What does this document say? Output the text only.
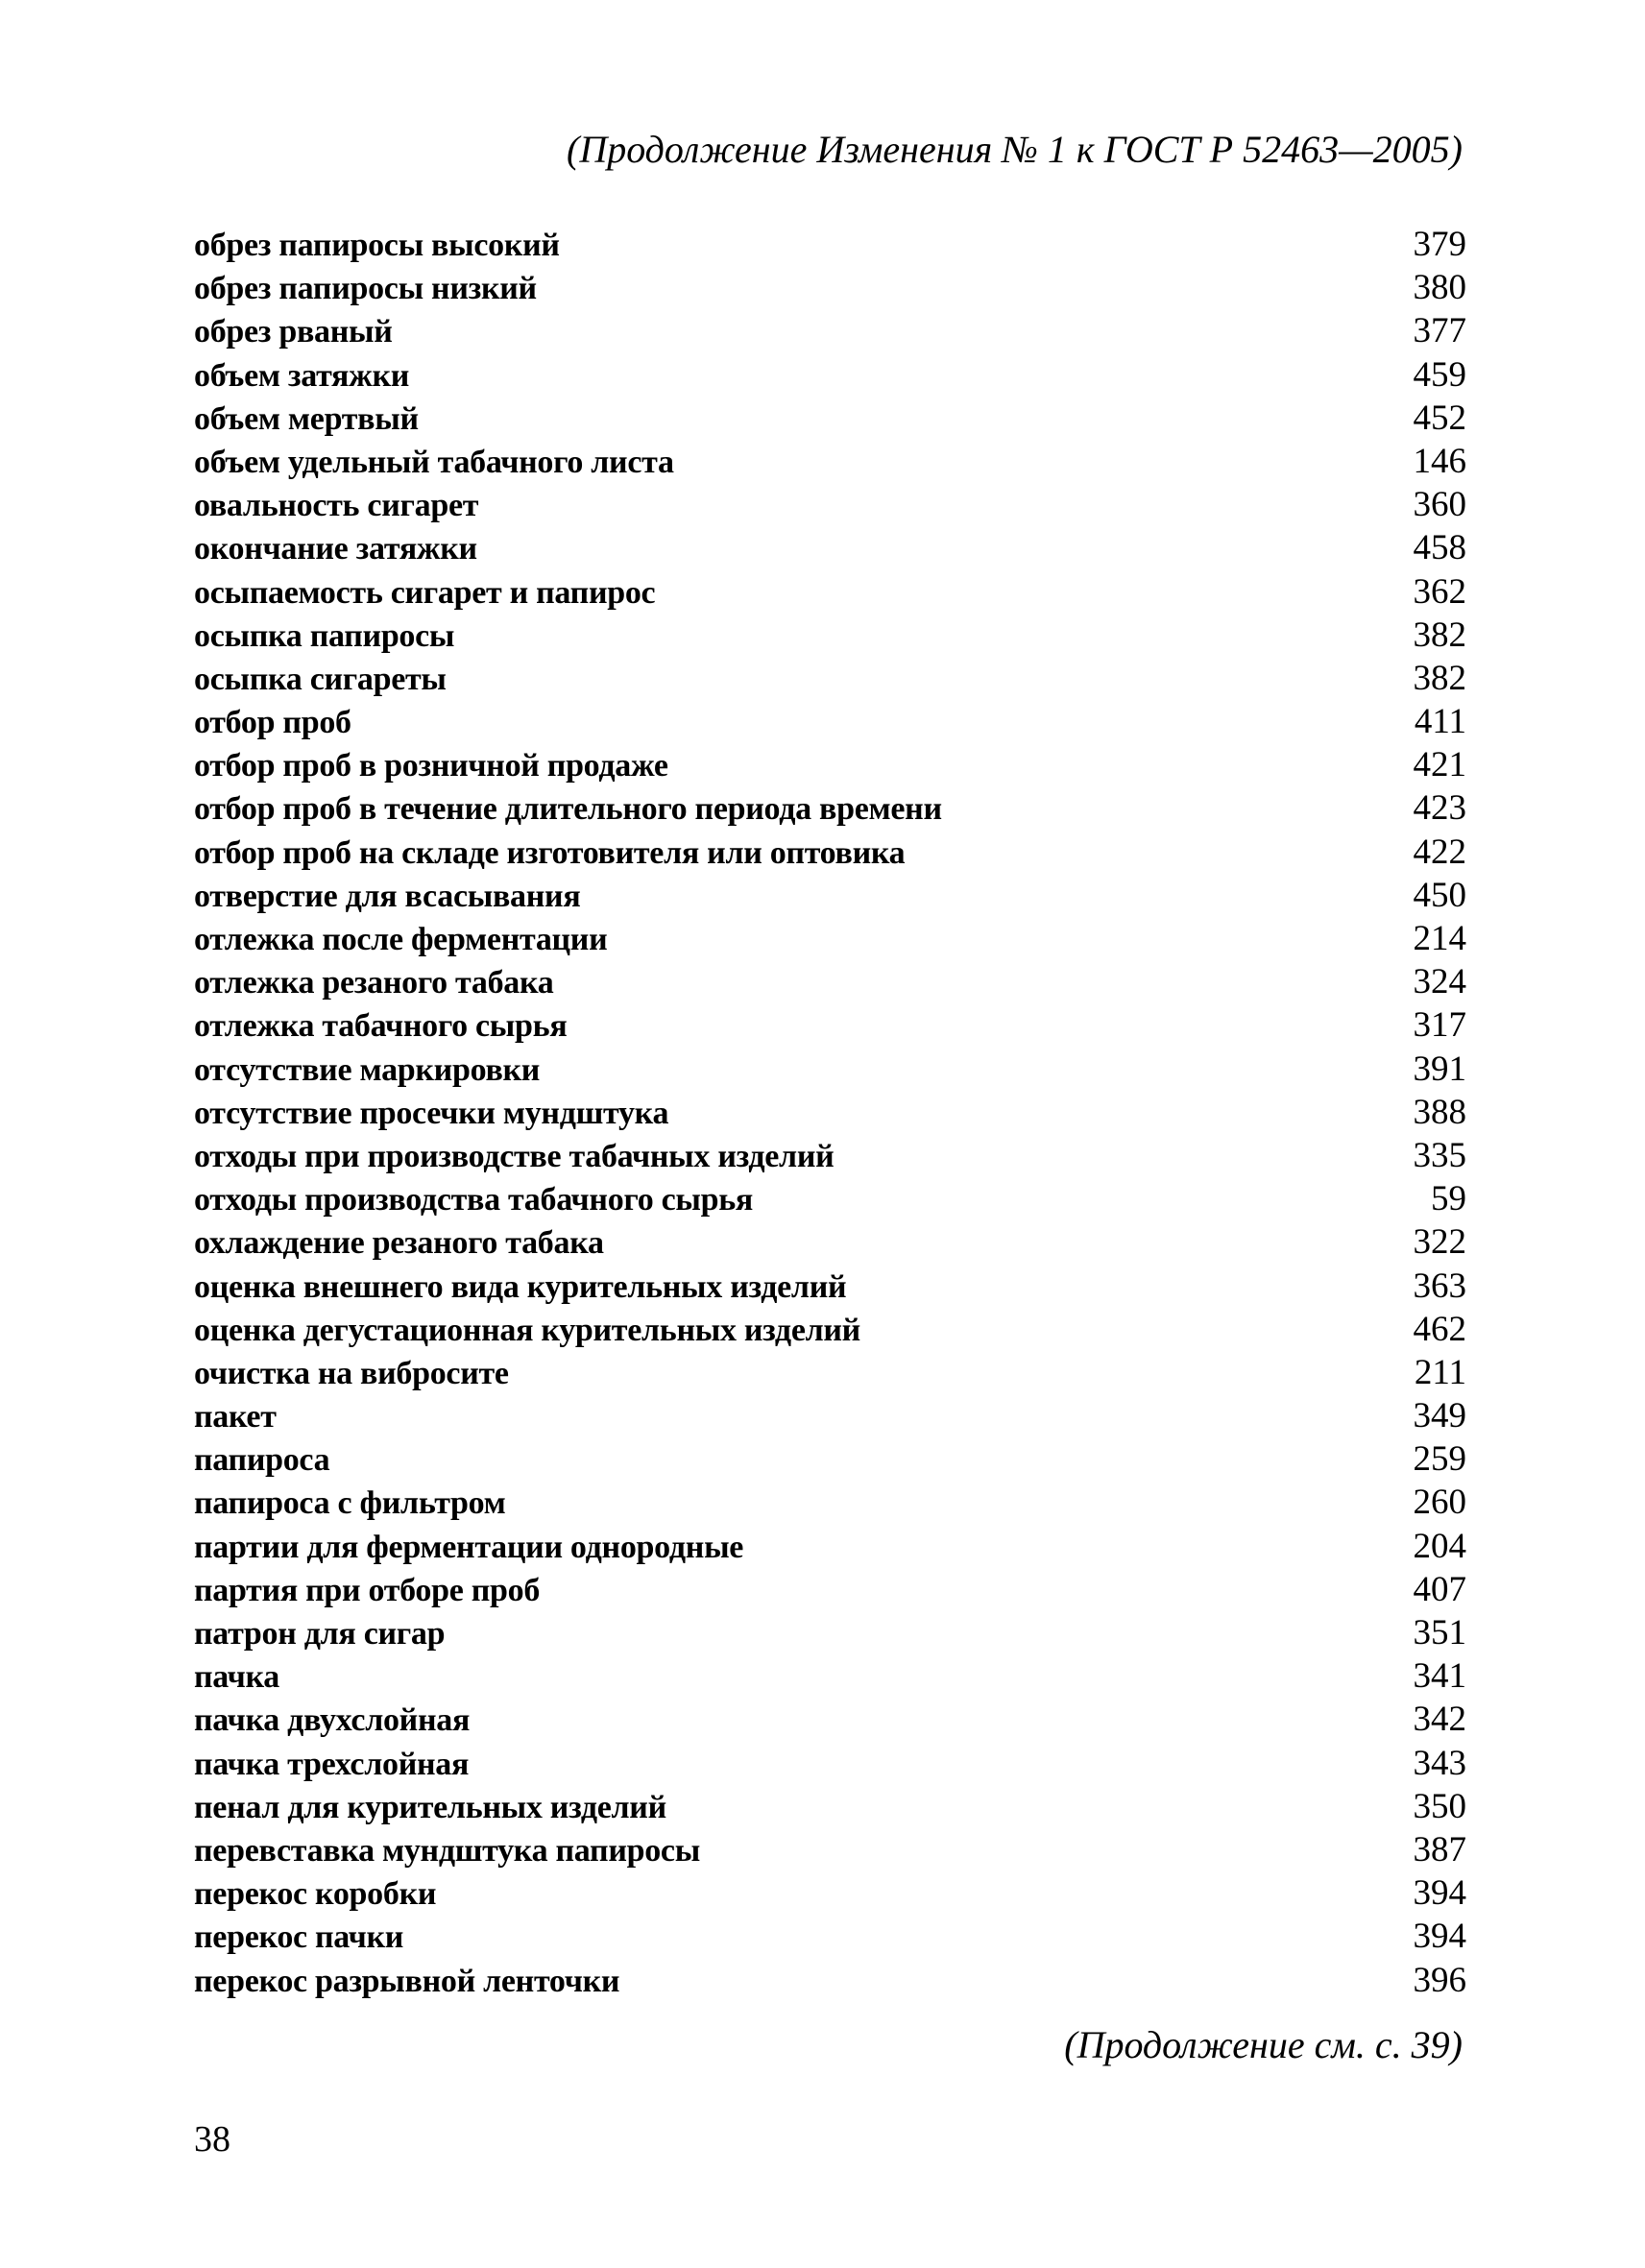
(Продолжение Изменения № 1 к ГОСТ Р 52463—2005)
обрез папиросы высокий	379
обрез папиросы низкий	380
обрез рваный	377
объем затяжки	459
объем мертвый	452
объем удельный табачного листа	146
овальность сигарет	360
окончание затяжки	458
осыпаемость сигарет и папирос	362
осыпка папиросы	382
осыпка сигареты	382
отбор проб	411
отбор проб в розничной продаже	421
отбор проб в течение длительного периода времени	423
отбор проб на складе изготовителя или оптовика	422
отверстие для всасывания	450
отлежка после ферментации	214
отлежка резаного табака	324
отлежка табачного сырья	317
отсутствие маркировки	391
отсутствие просечки мундштука	388
отходы при производстве табачных изделий	335
отходы производства табачного сырья	59
охлаждение резаного табака	322
оценка внешнего вида курительных изделий	363
оценка дегустационная курительных изделий	462
очистка на вибросите	211
пакет	349
папироса	259
папироса с фильтром	260
партии для ферментации однородные	204
партия при отборе проб	407
патрон для сигар	351
пачка	341
пачка двухслойная	342
пачка трехслойная	343
пенал для курительных изделий	350
перевставка мундштука папиросы	387
перекос коробки	394
перекос пачки	394
перекос разрывной ленточки	396
(Продолжение см. с. 39)
38
